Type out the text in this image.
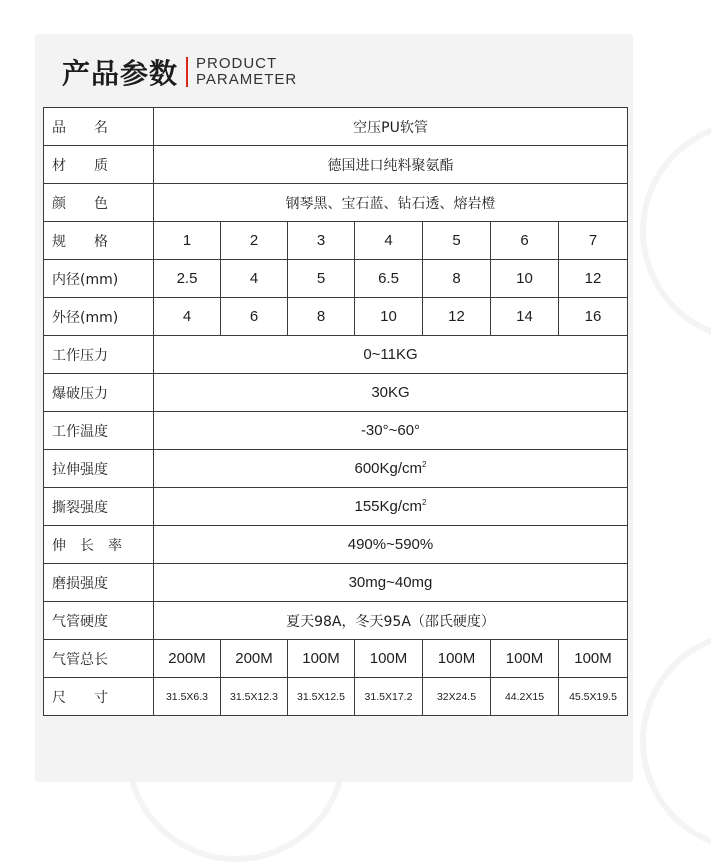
产品参数 PRODUCT
PARAMETER
品　　名	空压PU软管						
材　　质	德国进口纯料聚氨酯						
颜　　色	钢琴黑、宝石蓝、钻石透、熔岩橙						
规　　格	1	2	3	4	5	6	7
内径(mm)	2.5	4	5	6.5	8	10	12
外径(mm)	4	6	8	10	12	14	16
工作压力	0~11KG						
爆破压力	30KG						
工作温度	-30°~60°						
拉伸强度	$600Kg/cm^2$
撕裂强度	$155Kg/cm^2$
伸　长　率	490%~590%						
磨损强度	30mg~40mg						
气管硬度	夏天98A，冬天95A（邵氏硬度）						
气管总长	200M	200M	100M	100M	100M	100M	100M
尺　　寸	31.5X6.3	31.5X12.3	31.5X12.5	31.5X17.2	32X24.5	44.2X15	45.5X19.5
